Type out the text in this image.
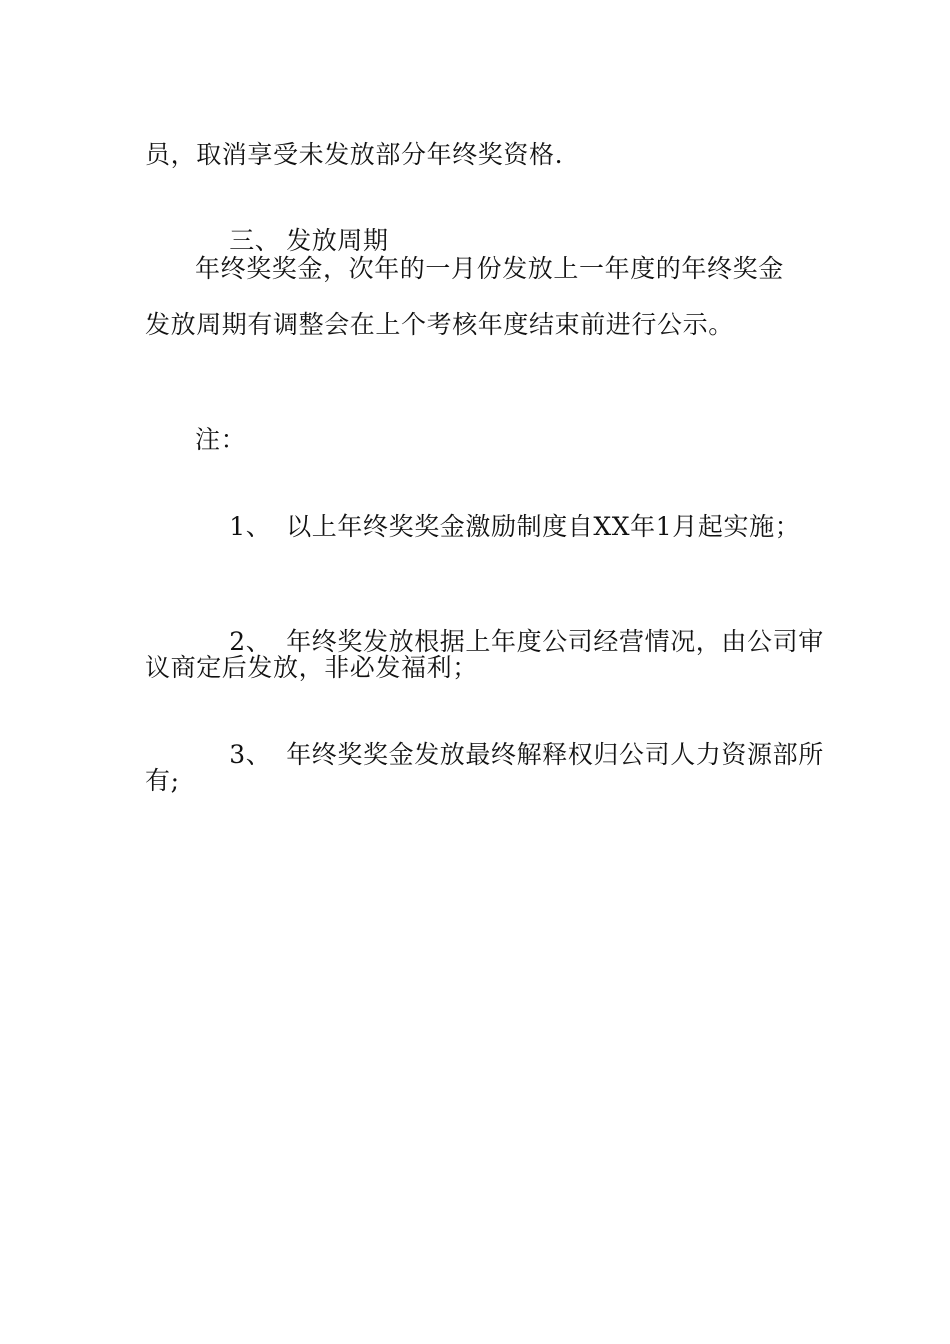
员，取消享受未发放部分年终奖资格.

三、 发放周期

年终奖奖金，次年的一月份发放上一年度的年终奖金
发放周期有调整会在上个考核年度结束前进行公示。
注：

1、 以上年终奖奖金激励制度自XX年1月起实施；

2、 年终奖发放根据上年度公司经营情况，由公司审

议商定后发放，非必发福利；

3、 年终奖奖金发放最终解释权归公司人力资源部所

有;
